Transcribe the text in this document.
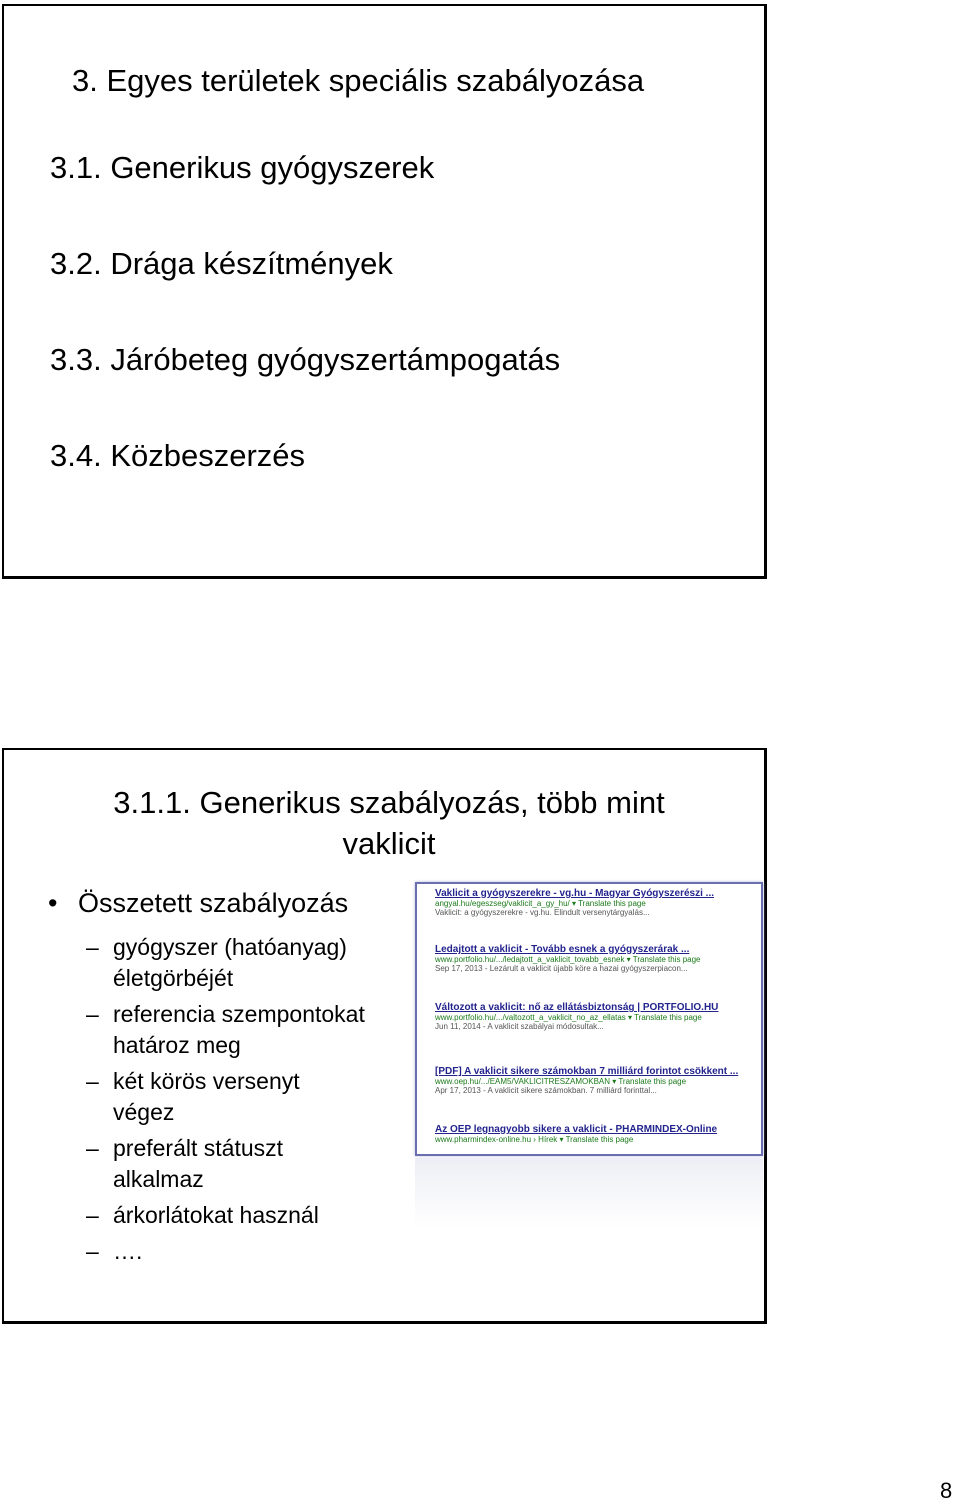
3. Egyes területek speciális szabályozása
3.1. Generikus gyógyszerek
3.2. Drága készítmények
3.3. Járóbeteg gyógyszertámpogatás
3.4. Közbeszerzés
3.1.1. Generikus szabályozás, több mint
vaklicit
• Összetett szabályozás
– gyógyszer (hatóanyag)
életgörbéjét
– referencia szempontokat
határoz meg
– két körös versenyt
végez
– preferált státuszt
alkalmaz
– árkorlátokat használ
– ….
Vaklicit a gyógyszerekre - vg.hu - Magyar Gyógyszerészi ...
angyal.hu/egeszseg/vaklicit_a_gy_hu/ ▾ Translate this page
Vaklicit: a gyógyszerekre - vg.hu. Elindult versenytárgyalás...
Ledajtott a vaklicit - Tovább esnek a gyógyszerárak ...
www.portfolio.hu/.../ledajtott_a_vaklicit_tovabb_esnek ▾ Translate this page
Sep 17, 2013 - Lezárult a vaklicit újabb köre a hazai gyógyszerpiacon...
Változott a vaklicit: nő az ellátásbiztonság | PORTFOLIO.HU
www.portfolio.hu/.../valtozott_a_vaklicit_no_az_ellatas ▾ Translate this page
Jun 11, 2014 - A vaklicit szabályai módosultak...
[PDF] A vaklicit sikere számokban 7 milliárd forintot csökkent ...
www.oep.hu/.../EAM5/VAKLICITRESZAMOKBAN ▾ Translate this page
Apr 17, 2013 - A vaklicit sikere számokban. 7 milliárd forinttal...
Az OEP legnagyobb sikere a vaklicit - PHARMINDEX-Online
www.pharmindex-online.hu › Hírek ▾ Translate this page
8
